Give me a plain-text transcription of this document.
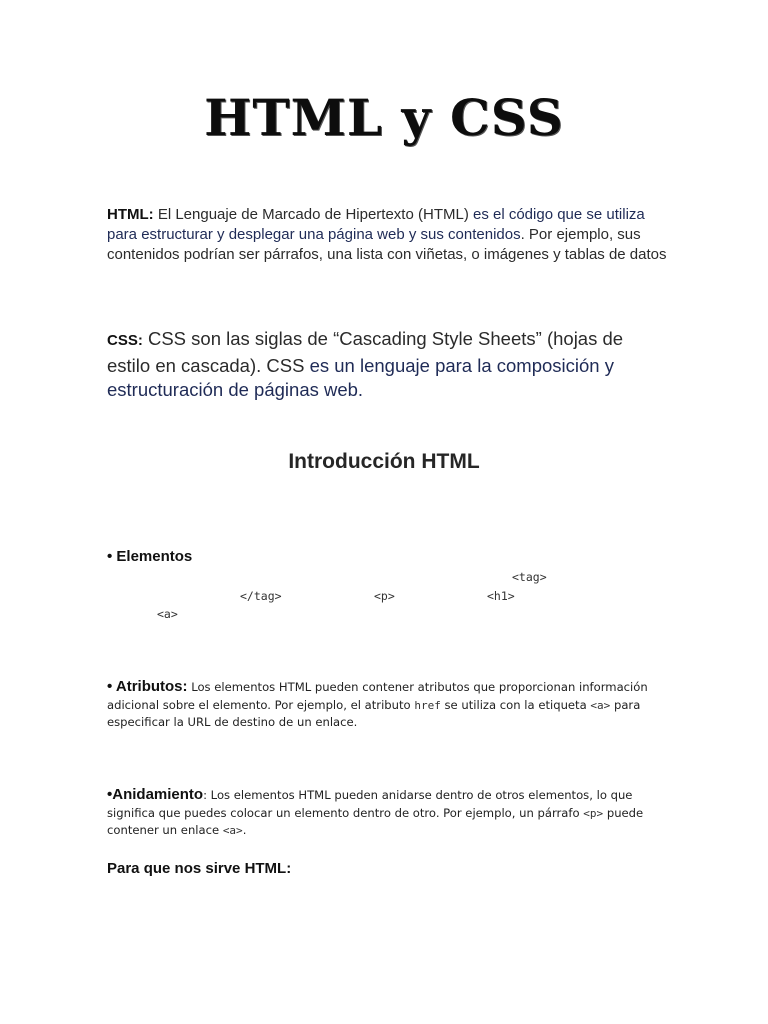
HTML y CSS

HTML: El Lenguaje de Marcado de Hipertexto (HTML) es el código que se utiliza para estructurar y desplegar una página web y sus contenidos. Por ejemplo, sus contenidos podrían ser párrafos, una lista con viñetas, o imágenes y tablas de datos

CSS: CSS son las siglas de “Cascading Style Sheets” (hojas de estilo en cascada). CSS es un lenguaje para la composición y estructuración de páginas web.

Introducción HTML
• Elementos
<tag>
</tag>	<p>	<h1>
<a>

• Atributos: Los elementos HTML pueden contener atributos que proporcionan información adicional sobre el elemento. Por ejemplo, el atributo href se utiliza con la etiqueta <a> para especificar la URL de destino de un enlace.

•Anidamiento: Los elementos HTML pueden anidarse dentro de otros elementos, lo que significa que puedes colocar un elemento dentro de otro. Por ejemplo, un párrafo <p> puede contener un enlace <a>.

Para que nos sirve HTML:
